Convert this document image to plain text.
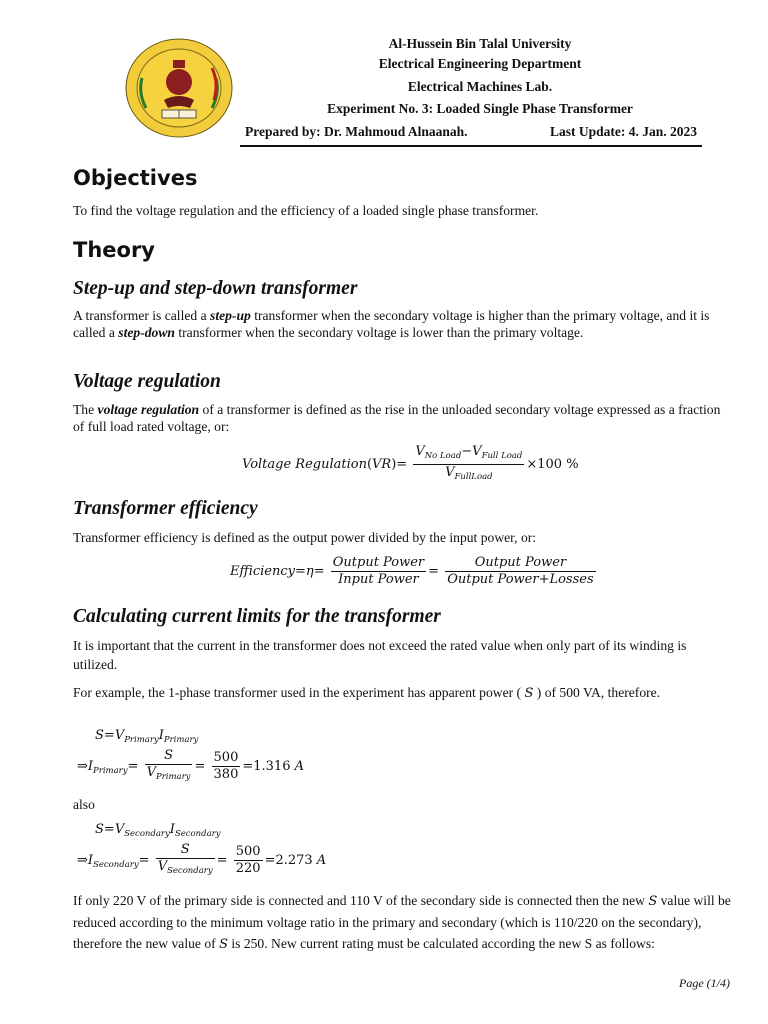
Al-Hussein Bin Talal University
Electrical Engineering Department
Electrical Machines Lab.
Experiment No. 3: Loaded Single Phase Transformer
Prepared by: Dr. Mahmoud Alnaanah.	Last Update: 4. Jan. 2023
Objectives

To find the voltage regulation and the efficiency of a loaded single phase transformer.

Theory
Step-up and step-down transformer

A transformer is called a step-up transformer when the secondary voltage is higher than the primary voltage, and it is called a step-down transformer when the secondary voltage is lower than the primary voltage.

Voltage regulation

The voltage regulation of a transformer is defined as the rise in the unloaded secondary voltage expressed as a fraction of full load rated voltage, or:

Voltage Regulation(VR)= $\frac{V_{No Load}-V_{Full Load}}{V_{FullLoad}} \times 100$ %
Transformer efficiency

Transformer efficiency is defined as the output power divided by the input power, or:

Efficiency=η= $\frac{\text{Output Power}}{\text{Input Power}} = \frac{\text{Output Power}}{\text{Output Power+Losses}}$
Calculating current limits for the transformer

It is important that the current in the transformer does not exceed the rated value when only part of its winding is utilized.

For example, the 1-phase transformer used in the experiment has apparent power ( S ) of 500 VA, therefore.

$S=V_{Primary}I_{Primary}$
$\Rightarrow I_{Primary}= \frac{S}{V_{Primary}} = \frac{500}{380} =1.316$ A

also

$S=V_{Secondary}I_{Secondary}$
$\Rightarrow I_{Secondary}= \frac{S}{V_{Secondary}} = \frac{500}{220} =2.273$ A

If only 220 V of the primary side is connected and 110 V of the secondary side is connected then the new S value will be reduced according to the minimum voltage ratio in the primary and secondary (which is 110/220 on the secondary), therefore the new value of S is 250. New current rating must be calculated according the new S as follows:

Page (1/4)
